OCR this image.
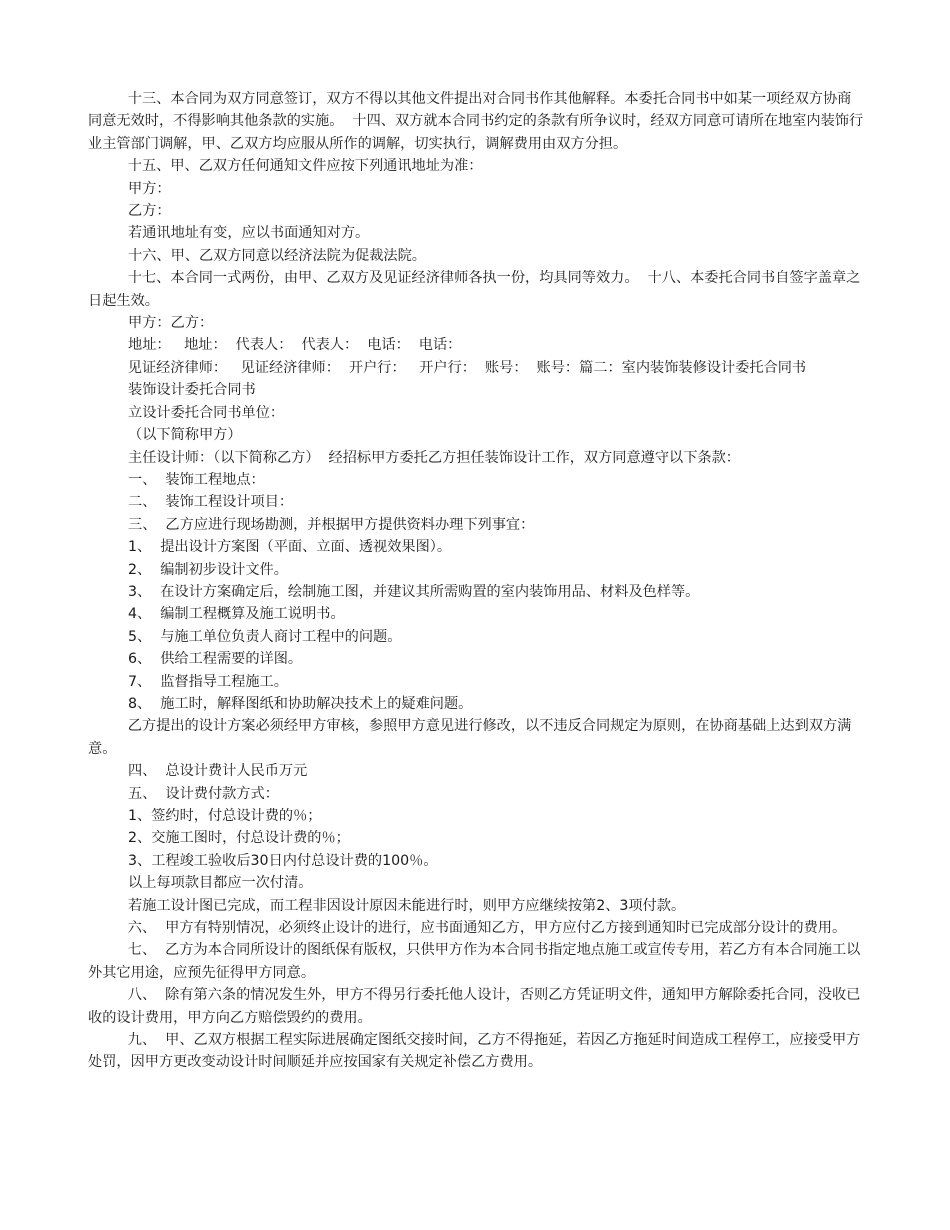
十三、本合同为双方同意签订，双方不得以其他文件提出对合同书作其他解释。本委托合同书中如某一项经双方协商同意无效时，不得影响其他条款的实施。  十四、双方就本合同书约定的条款有所争议时，经双方同意可请所在地室内装饰行业主管部门调解，甲、乙双方均应服从所作的调解，切实执行，调解费用由双方分担。

十五、甲、乙双方任何通知文件应按下列通讯地址为准：

甲方：

乙方：

若通讯地址有变，应以书面通知对方。

十六、甲、乙双方同意以经济法院为促裁法院。

十七、本合同一式两份，由甲、乙双方及见证经济律师各执一份，均具同等效力。  十八、本委托合同书自签字盖章之日起生效。

甲方：乙方：

地址：   地址：  代表人：  代表人：  电话：  电话：

见证经济律师：   见证经济律师：  开户行：   开户行：  账号：  账号：篇二：室内装饰装修设计委托合同书

装饰设计委托合同书

立设计委托合同书单位：

（以下简称甲方）

主任设计师：（以下简称乙方）  经招标甲方委托乙方担任装饰设计工作，双方同意遵守以下条款：

一、  装饰工程地点：

二、  装饰工程设计项目：

三、  乙方应进行现场勘测，并根据甲方提供资料办理下列事宜：

1、  提出设计方案图（平面、立面、透视效果图）。

2、  编制初步设计文件。

3、  在设计方案确定后，绘制施工图，并建议其所需购置的室内装饰用品、材料及色样等。

4、  编制工程概算及施工说明书。

5、  与施工单位负责人商讨工程中的问题。

6、  供给工程需要的详图。

7、  监督指导工程施工。

8、  施工时，解释图纸和协助解决技术上的疑难问题。

乙方提出的设计方案必须经甲方审核，参照甲方意见进行修改，以不违反合同规定为原则，在协商基础上达到双方满意。

四、  总设计费计人民币万元

五、  设计费付款方式：

1、签约时，付总设计费的％；

2、交施工图时，付总设计费的％；

3、工程竣工验收后30日内付总设计费的100％。

以上每项款目都应一次付清。

若施工设计图已完成，而工程非因设计原因未能进行时，则甲方应继续按第2、3项付款。

六、  甲方有特别情况，必须终止设计的进行，应书面通知乙方，甲方应付乙方接到通知时已完成部分设计的费用。

七、  乙方为本合同所设计的图纸保有版权，只供甲方作为本合同书指定地点施工或宣传专用，若乙方有本合同施工以外其它用途，应预先征得甲方同意。

八、  除有第六条的情况发生外，甲方不得另行委托他人设计，否则乙方凭证明文件，通知甲方解除委托合同，没收已收的设计费用，甲方向乙方赔偿毁约的费用。

九、  甲、乙双方根据工程实际进展确定图纸交接时间，乙方不得拖延，若因乙方拖延时间造成工程停工，应接受甲方处罚，因甲方更改变动设计时间顺延并应按国家有关规定补偿乙方费用。
